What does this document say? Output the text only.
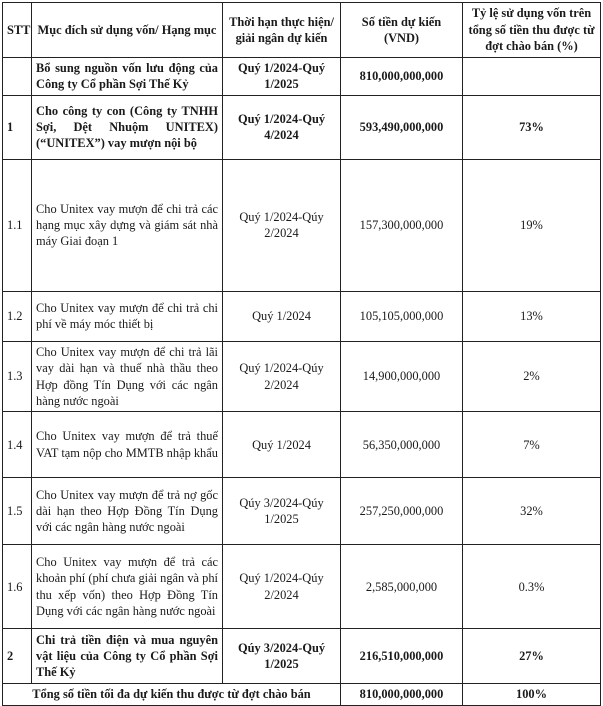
STT	Mục đích sử dụng vốn/ Hạng mục	Thời hạn thực hiện/ giải ngân dự kiến	Số tiền dự kiến (VND)	Tỷ lệ sử dụng vốn trên tổng số tiền thu được từ đợt chào bán (%)
	Bổ sung nguồn vốn lưu động của Công ty Cổ phần Sợi Thế Kỷ	Quý 1/2024-Quý 1/2025	810,000,000,000	
1	Cho công ty con (Công ty TNHH Sợi, Dệt Nhuộm UNITEX) (“UNITEX”) vay mượn nội bộ	Quý 1/2024-Quý 4/2024	593,490,000,000	73%
1.1	Cho Unitex vay mượn để chi trả các hạng mục xây dựng và giám sát nhà máy Giai đoạn 1	Quý 1/2024-Qúy 2/2024	157,300,000,000	19%
1.2	Cho Unitex vay mượn để chi trả chi phí về máy móc thiết bị	Quý 1/2024	105,105,000,000	13%
1.3	Cho Unitex vay mượn để chi trả lãi vay dài hạn và thuế nhà thầu theo Hợp đồng Tín Dụng với các ngân hàng nước ngoài	Quý 1/2024-Qúy 2/2024	14,900,000,000	2%
1.4	Cho Unitex vay mượn để trả thuế VAT tạm nộp cho MMTB nhập khẩu	Quý 1/2024	56,350,000,000	7%
1.5	Cho Unitex vay mượn để trả nợ gốc dài hạn theo Hợp Đồng Tín Dụng với các ngân hàng nước ngoài	Qúy 3/2024-Qúy 1/2025	257,250,000,000	32%
1.6	Cho Unitex vay mượn để trả các khoản phí (phí chưa giải ngân và phí thu xếp vốn) theo Hợp Đồng Tín Dụng với các ngân hàng nước ngoài	Quý 1/2024-Qúy 2/2024	2,585,000,000	0.3%
2	Chi trả tiền điện và mua nguyên vật liệu của Công ty Cổ phần Sợi Thế Kỷ	Qúy 3/2024-Quý 1/2025	216,510,000,000	27%
Tổng số tiền tối đa dự kiến thu được từ đợt chào bán			810,000,000,000	100%
